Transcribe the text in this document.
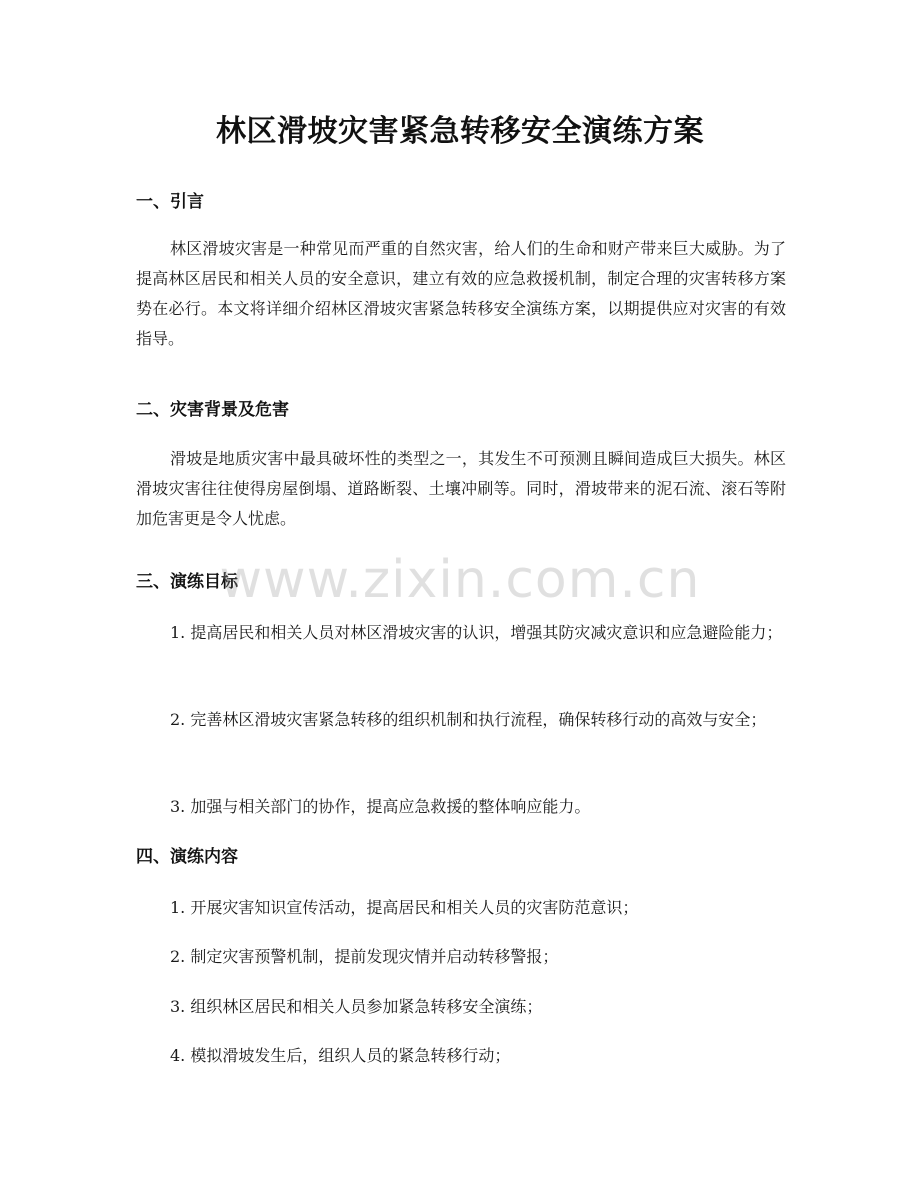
林区滑坡灾害紧急转移安全演练方案
一、引言

林区滑坡灾害是一种常见而严重的自然灾害，给人们的生命和财产带来巨大威胁。为了提高林区居民和相关人员的安全意识，建立有效的应急救援机制，制定合理的灾害转移方案势在必行。本文将详细介绍林区滑坡灾害紧急转移安全演练方案，以期提供应对灾害的有效指导。

二、灾害背景及危害

滑坡是地质灾害中最具破坏性的类型之一，其发生不可预测且瞬间造成巨大损失。林区滑坡灾害往往使得房屋倒塌、道路断裂、土壤冲刷等。同时，滑坡带来的泥石流、滚石等附加危害更是令人忧虑。

三、演练目标

1. 提高居民和相关人员对林区滑坡灾害的认识，增强其防灾减灾意识和应急避险能力；

2. 完善林区滑坡灾害紧急转移的组织机制和执行流程，确保转移行动的高效与安全；

3. 加强与相关部门的协作，提高应急救援的整体响应能力。

四、演练内容

1. 开展灾害知识宣传活动，提高居民和相关人员的灾害防范意识；

2. 制定灾害预警机制，提前发现灾情并启动转移警报；

3. 组织林区居民和相关人员参加紧急转移安全演练；

4. 模拟滑坡发生后，组织人员的紧急转移行动；

www.zixin.com.cn
